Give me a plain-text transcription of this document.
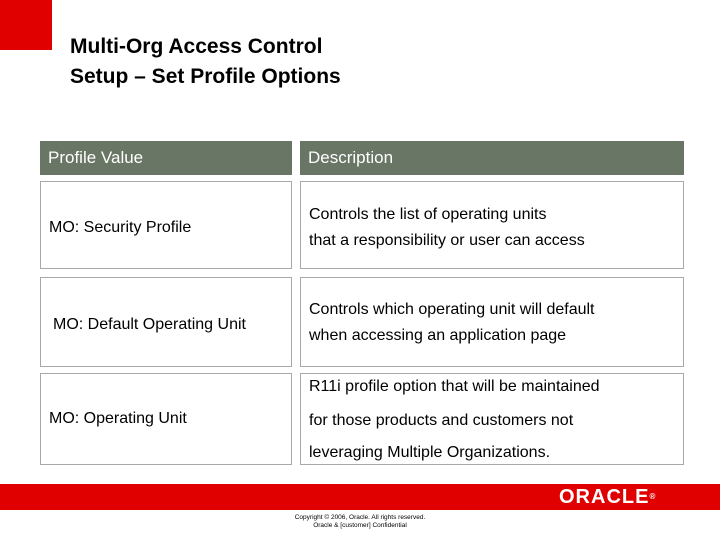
Multi-Org Access Control
Setup – Set Profile Options
Profile Value	Description
MO: Security Profile
Controls the list of operating units
that a responsibility or user can access
MO: Default Operating Unit
Controls which operating unit will default
when accessing an application page
MO: Operating Unit
R11i profile option that will be maintained
for those products and customers not
leveraging Multiple Organizations.
ORACLE®
Copyright © 2006, Oracle. All rights reserved.
Oracle & [customer] Confidential
